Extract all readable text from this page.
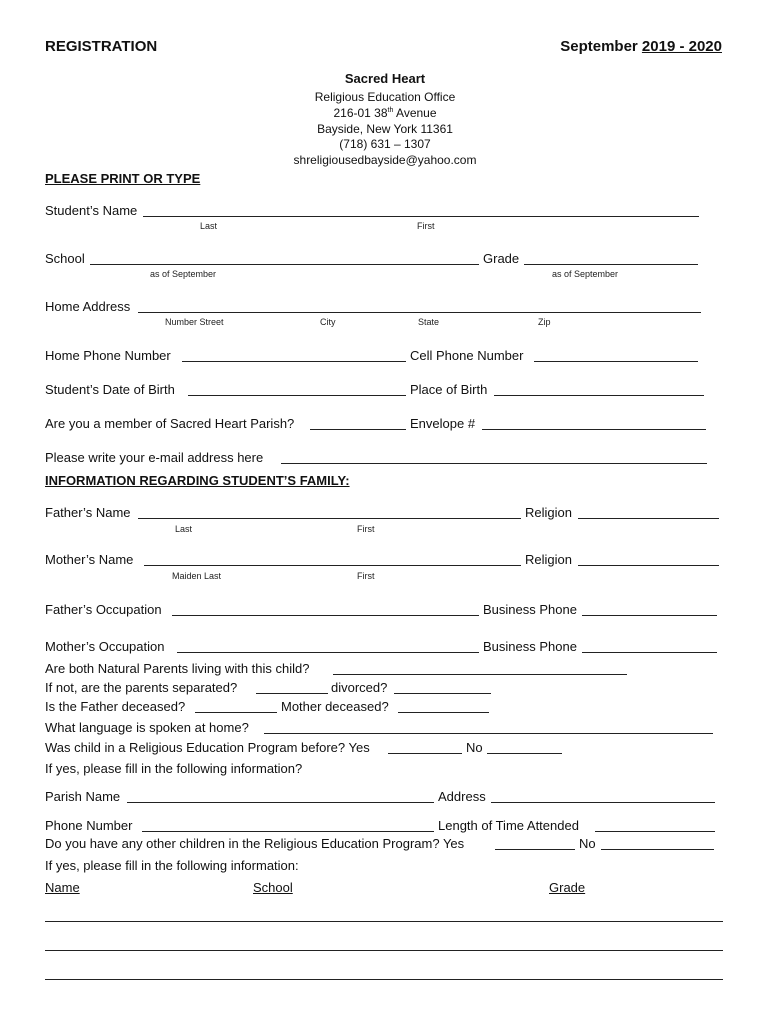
REGISTRATION	September 2019 - 2020
Sacred Heart
Religious Education Office
216-01 38th Avenue
Bayside, New York 11361
(718) 631 – 1307
shreligiousedbayside@yahoo.com
PLEASE PRINT OR TYPE
Student’s Name
Last	First
School
as of September
Grade
as of September
Home Address
Number Street	City	State	Zip
Home Phone Number	Cell Phone Number
Student’s Date of Birth	Place of Birth
Are you a member of Sacred Heart Parish?	Envelope #
Please write your e-mail address here
INFORMATION REGARDING STUDENT’S FAMILY:
Father’s Name	Religion
Last	First
Mother’s Name	Religion
Maiden Last	First
Father’s Occupation	Business Phone
Mother’s Occupation	Business Phone
Are both Natural Parents living with this child?
If not, are the parents separated?	divorced?
Is the Father deceased?	Mother deceased?
What language is spoken at home?
Was child in a Religious Education Program before? Yes	No
If yes, please fill in the following information?
Parish Name	Address
Phone Number	Length of Time Attended
Do you have any other children in the Religious Education Program? Yes	No
If yes, please fill in the following information:
Name	School	Grade
